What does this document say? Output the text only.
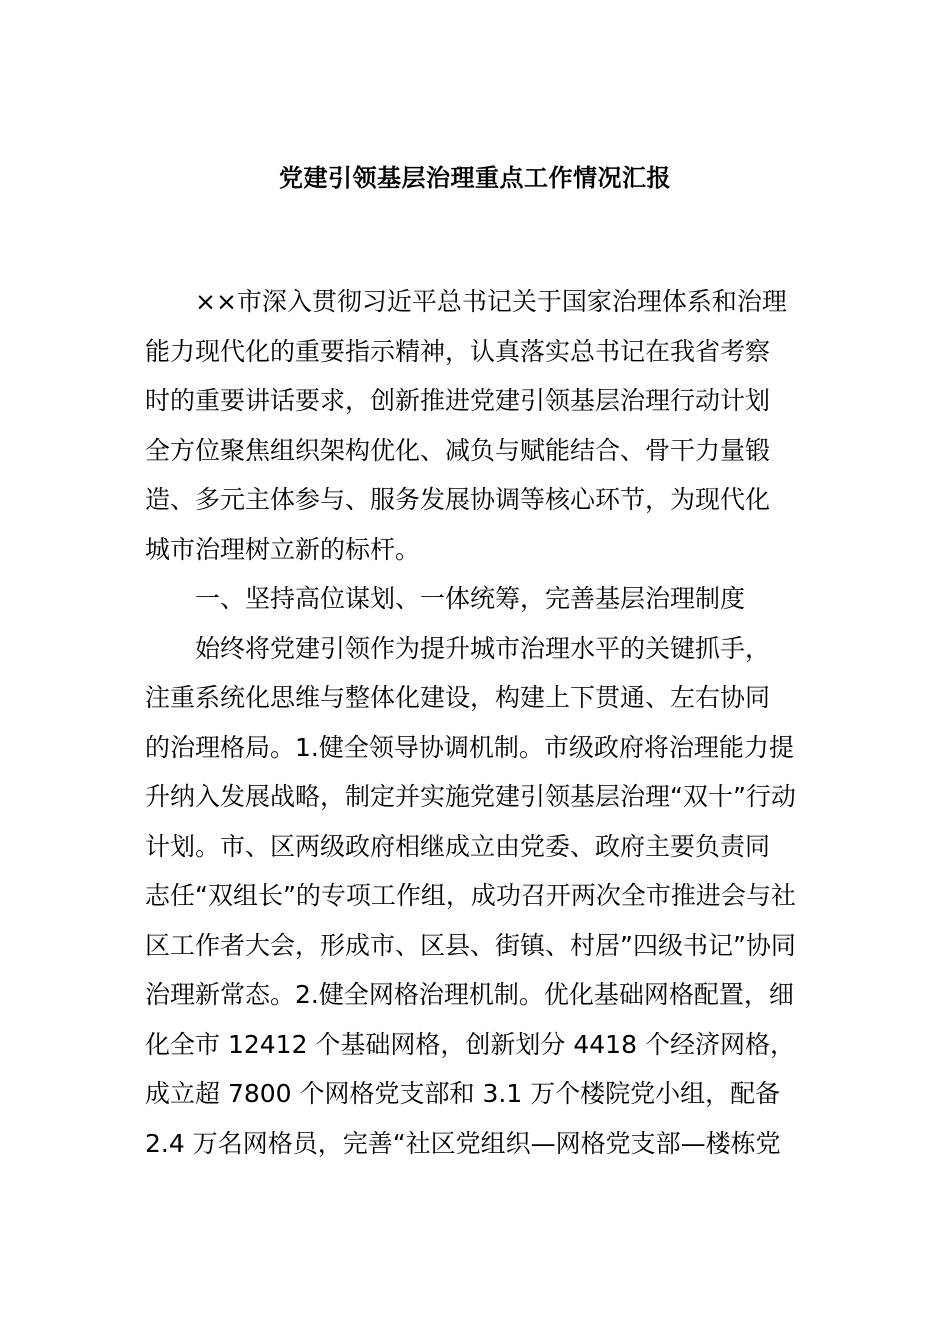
党建引领基层治理重点工作情况汇报
××市深入贯彻习近平总书记关于国家治理体系和治理
能力现代化的重要指示精神，认真落实总书记在我省考察
时的重要讲话要求，创新推进党建引领基层治理行动计划
全方位聚焦组织架构优化、减负与赋能结合、骨干力量锻
造、多元主体参与、服务发展协调等核心环节，为现代化
城市治理树立新的标杆。
一、坚持高位谋划、一体统筹，完善基层治理制度
始终将党建引领作为提升城市治理水平的关键抓手，
注重系统化思维与整体化建设，构建上下贯通、左右协同
的治理格局。1.健全领导协调机制。市级政府将治理能力提
升纳入发展战略，制定并实施党建引领基层治理“双十”行动
计划。市、区两级政府相继成立由党委、政府主要负责同
志任“双组长”的专项工作组，成功召开两次全市推进会与社
区工作者大会，形成市、区县、街镇、村居”四级书记”协同
治理新常态。2.健全网格治理机制。优化基础网格配置，细
化全市 12412 个基础网格，创新划分 4418 个经济网格，
成立超 7800 个网格党支部和 3.1 万个楼院党小组，配备
2.4 万名网格员，完善“社区党组织—网格党支部—楼栋党
